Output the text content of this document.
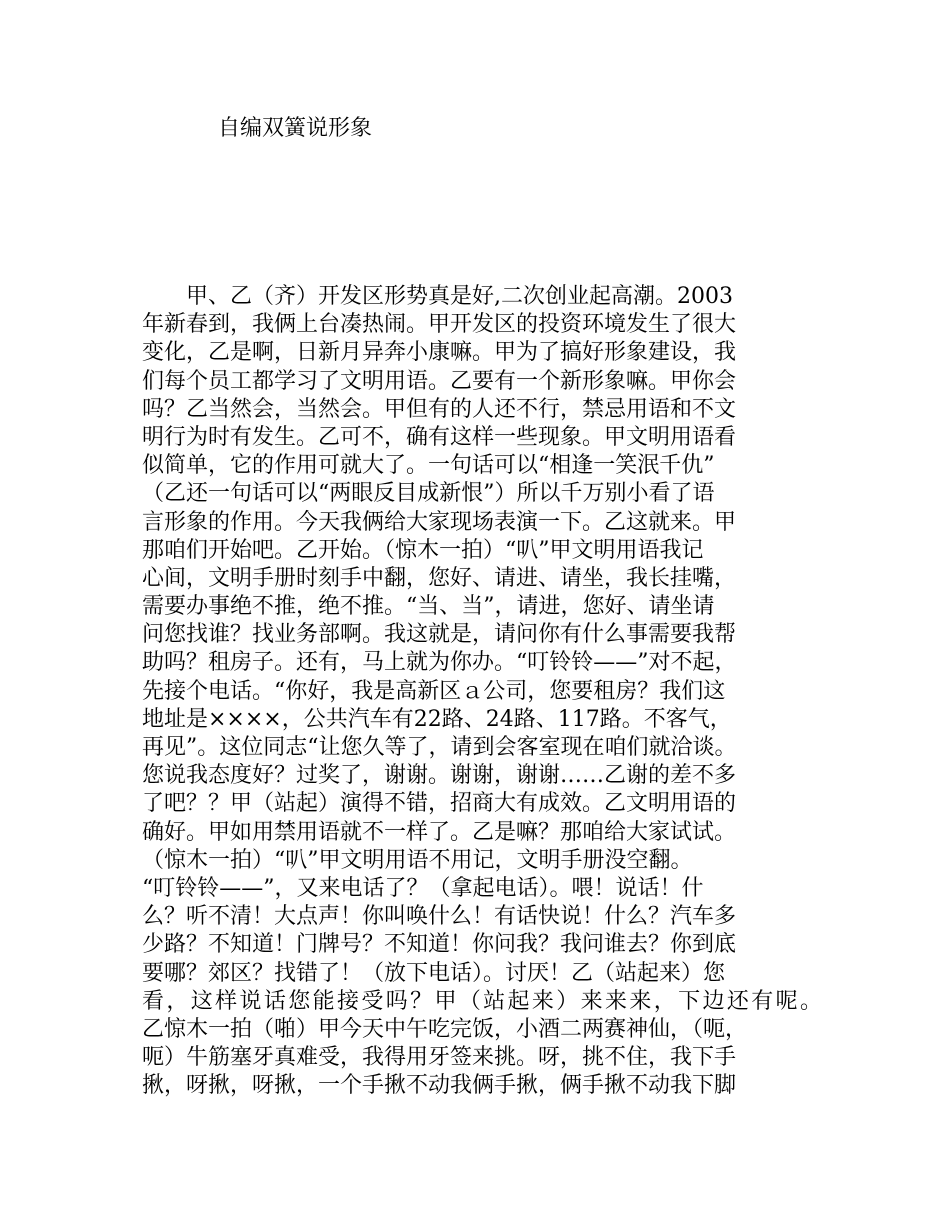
自编双簧说形象
　　甲、乙（齐）开发区形势真是好,二次创业起高潮。2003
年新春到，我俩上台凑热闹。甲开发区的投资环境发生了很大
变化，乙是啊，日新月异奔小康嘛。甲为了搞好形象建设，我
们每个员工都学习了文明用语。乙要有一个新形象嘛。甲你会
吗？乙当然会，当然会。甲但有的人还不行，禁忌用语和不文
明行为时有发生。乙可不，确有这样一些现象。甲文明用语看
似简单，它的作用可就大了。一句话可以“相逢一笑泯千仇”
（乙还一句话可以“两眼反目成新恨”）所以千万别小看了语
言形象的作用。今天我俩给大家现场表演一下。乙这就来。甲
那咱们开始吧。乙开始。（惊木一拍）“叭”甲文明用语我记
心间，文明手册时刻手中翻，您好、请进、请坐，我长挂嘴，
需要办事绝不推，绝不推。“当、当”，请进，您好、请坐请
问您找谁？找业务部啊。我这就是，请问你有什么事需要我帮
助吗？租房子。还有，马上就为你办。“叮铃铃——”对不起，
先接个电话。“你好，我是高新区ａ公司，您要租房？我们这
地址是××××，公共汽车有22路、24路、117路。不客气，
再见”。这位同志“让您久等了，请到会客室现在咱们就洽谈。
您说我态度好？过奖了，谢谢。谢谢，谢谢……乙谢的差不多
了吧？？甲（站起）演得不错，招商大有成效。乙文明用语的
确好。甲如用禁用语就不一样了。乙是嘛？那咱给大家试试。
（惊木一拍）“叭”甲文明用语不用记，文明手册没空翻。
“叮铃铃——”，又来电话了？（拿起电话）。喂！说话！什
么？听不清！大点声！你叫唤什么！有话快说！什么？汽车多
少路？不知道！门牌号？不知道！你问我？我问谁去？你到底
要哪？郊区？找错了！（放下电话）。讨厌！乙（站起来）您
看，这样说话您能接受吗？甲（站起来）来来来，下边还有呢。
乙惊木一拍（啪）甲今天中午吃完饭，小酒二两赛神仙，（呃，
呃）牛筋塞牙真难受，我得用牙签来挑。呀，挑不住，我下手
揪，呀揪，呀揪，一个手揪不动我俩手揪，俩手揪不动我下脚
